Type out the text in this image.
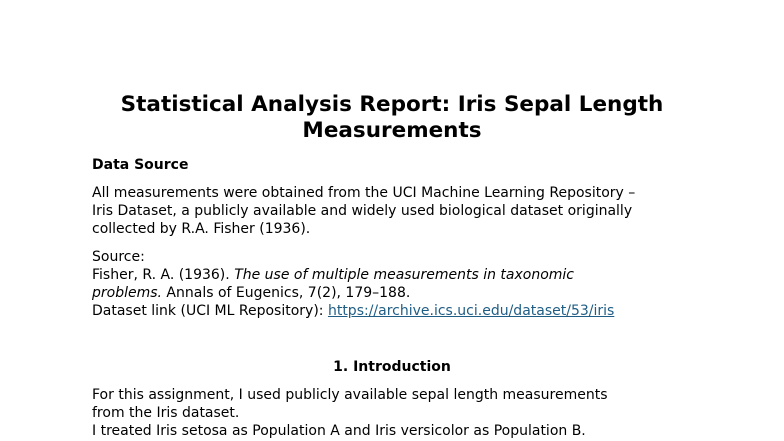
Statistical Analysis Report: Iris Sepal Length Measurements
Data Source

All measurements were obtained from the UCI Machine Learning Repository –
Iris Dataset, a publicly available and widely used biological dataset originally
collected by R.A. Fisher (1936).

Source:
Fisher, R. A. (1936). The use of multiple measurements in taxonomic
problems. Annals of Eugenics, 7(2), 179–188.
Dataset link (UCI ML Repository): https://archive.ics.uci.edu/dataset/53/iris

1. Introduction

For this assignment, I used publicly available sepal length measurements
from the Iris dataset.

I treated Iris setosa as Population A and Iris versicolor as Population B.
